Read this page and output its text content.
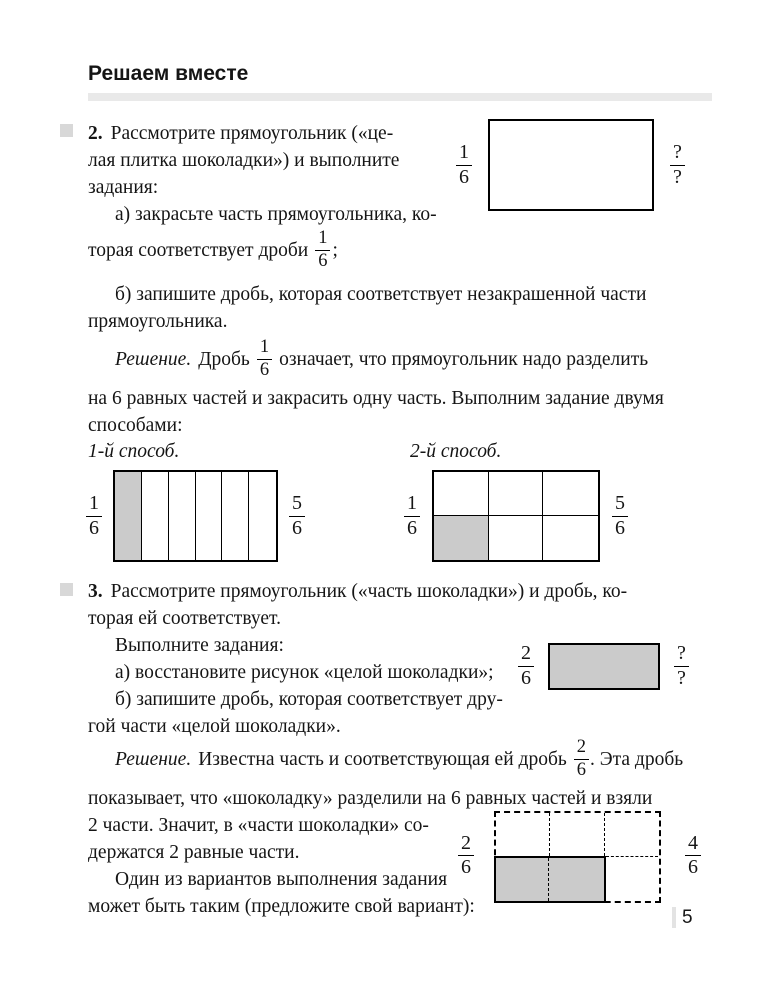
Решаем вместе
2. Рассмотрите прямоугольник («це-
лая плитка шоколадки») и выполните
задания:
а) закрасьте часть прямоугольника, ко-
торая соответствует дроби $\frac{1}{6}$ ;
б) запишите дробь, которая соответствует незакрашенной части
прямоугольника.
Решение. Дробь $\frac{1}{6}$ означает, что прямоугольник надо разделить
на 6 равных частей и закрасить одну часть. Выполним задание двумя
способами:
1-й способ.	2-й способ.
$\frac{1}{6}$	$\frac{?}{?}$
$\frac{1}{6}$	$\frac{5}{6}$	$\frac{1}{6}$	$\frac{5}{6}$
3. Рассмотрите прямоугольник («часть шоколадки») и дробь, ко-
торая ей соответствует.
Выполните задания:
а) восстановите рисунок «целой шоколадки»;
б) запишите дробь, которая соответствует дру-
гой части «целой шоколадки».
$\frac{2}{6}$	$\frac{?}{?}$
Решение. Известна часть и соответствующая ей дробь $\frac{2}{6}$ . Эта дробь
показывает, что «шоколадку» разделили на 6 равных частей и взяли
2 части. Значит, в «части шоколадки» со-
держатся 2 равные части.
Один из вариантов выполнения задания
может быть таким (предложите свой вариант):
$\frac{2}{6}$	$\frac{4}{6}$
5
